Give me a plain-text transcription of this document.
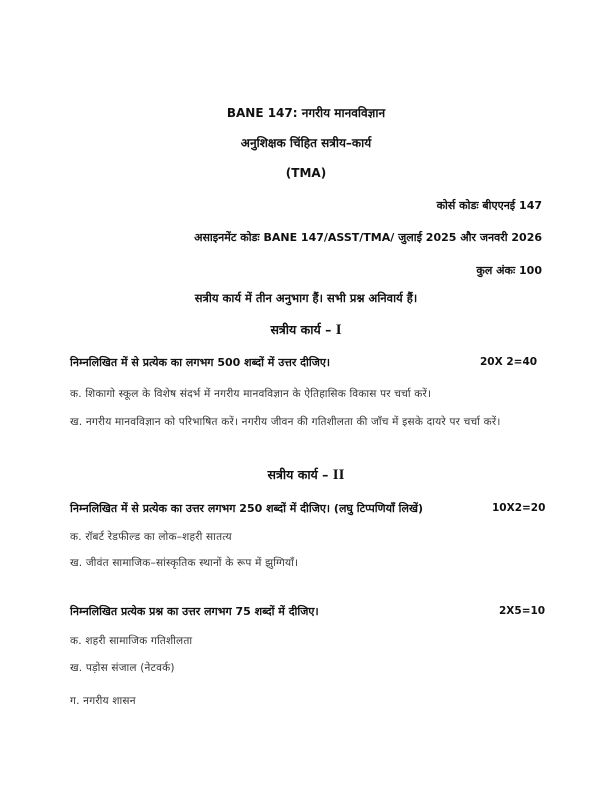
BANE 147: नगरीय मानवविज्ञान
अनुशिक्षक चिंहित सत्रीय–कार्य
(TMA)
कोर्स कोडः बीएएनई 147
असाइनमेंट कोडः BANE 147/ASST/TMA/ जुलाई 2025 और जनवरी 2026
कुल अंकः 100
सत्रीय कार्य में तीन अनुभाग हैं। सभी प्रश्न अनिवार्य हैं।
सत्रीय कार्य – I
निम्नलिखित में से प्रत्येक का लगभग 500 शब्दों में उत्तर दीजिए।	20X 2=40
क. शिकागो स्कूल के विशेष संदर्भ में नगरीय मानवविज्ञान के ऐतिहासिक विकास पर चर्चा करें।
ख. नगरीय मानवविज्ञान को परिभाषित करें। नगरीय जीवन की गतिशीलता की जाँच में इसके दायरे पर चर्चा करें।
सत्रीय कार्य – II
निम्नलिखित में से प्रत्येक का उत्तर लगभग 250 शब्दों में दीजिए। (लघु टिप्पणियाँ लिखें)	10X2=20
क. रॉबर्ट रेडफील्ड का लोक–शहरी सातत्य
ख. जीवंत सामाजिक–सांस्कृतिक स्थानों के रूप में झुग्गियाँ।
निम्नलिखित प्रत्येक प्रश्न का उत्तर लगभग 75 शब्दों में दीजिए।	2X5=10
क. शहरी सामाजिक गतिशीलता
ख. पड़ोस संजाल (नेटवर्क)
ग. नगरीय शासन
